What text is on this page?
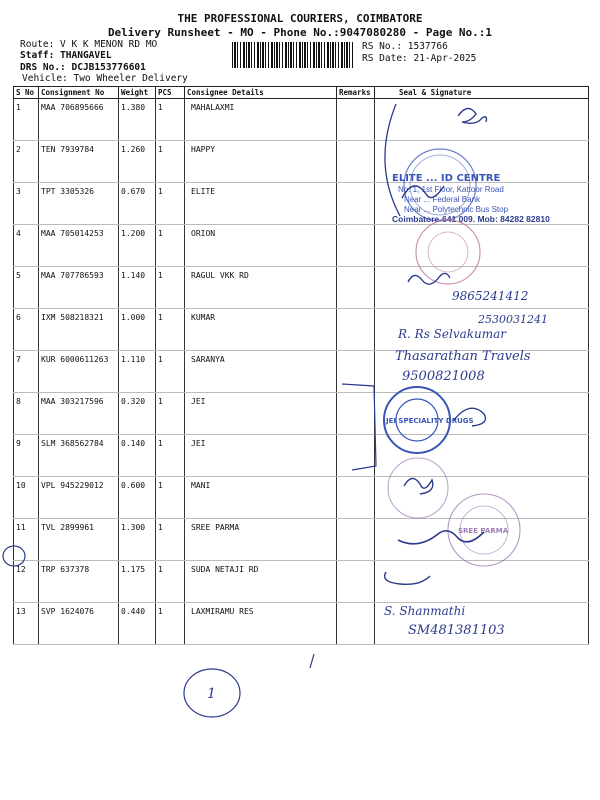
THE PROFESSIONAL COURIERS, COIMBATORE
Delivery Runsheet - MO - Phone No.:9047080280 - Page No.:1
Route: V K K MENON RD MO
Staff: THANGAVEL
DRS No.: DCJB153776601
Vehicle: Two Wheeler Delivery
RS No.: 1537766
RS Date: 21-Apr-2025
S No	Consignment No	Weight	PCS	Consignee Details	Remarks	Seal & Signature
1	MAA 706895666	1.380	1	MAHALAXMI		
2	TEN 7939784	1.260	1	HAPPY		
3	TPT 3305326	0.670	1	ELITE		
4	MAA 705014253	1.200	1	ORION		
5	MAA 707786593	1.140	1	RAGUL VKK RD		
6	IXM 508218321	1.000	1	KUMAR		
7	KUR 6000611263	1.110	1	SARANYA		
8	MAA 303217596	0.320	1	JEI		
9	SLM 368562784	0.140	1	JEI		
10	VPL 945229012	0.600	1	MANI		
11	TVL 2899961	1.300	1	SREE PARMA		
12	TRP 637378	1.175	1	SUDA NETAJI RD		
13	SVP 1624076	0.440	1	LAXMIRAMU RES		
ELITE ... ID CENTRE
No. 1, 1st Floor, Kattoor Road
Near ... Federal Bank
Near ... Polytechnic Bus Stop
Coimbatore-641 009. Mob: 84282 82810
9865241412
2530031241
R. Rs Selvakumar
Thasarathan Travels
9500821008
JEI SPECIALITY DRUGS
SREE PARMA
S. Shanmathi
SM481381103
1
